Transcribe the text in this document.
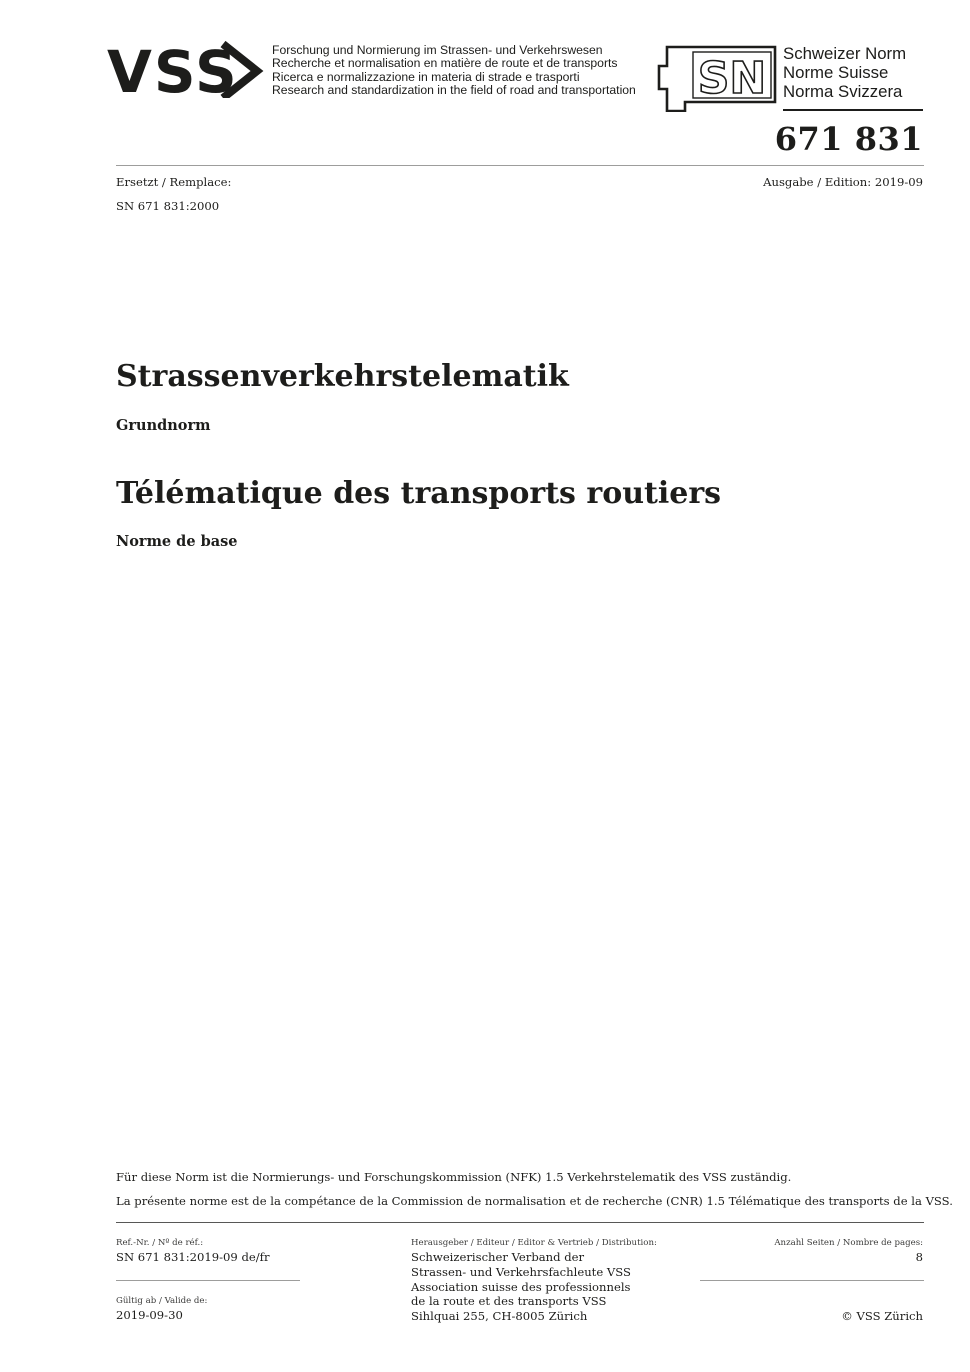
VSS	Forschung und Normierung im Strassen- und Verkehrswesen
Recherche et normalisation en matière de route et de transports
Ricerca e normalizzazione in materia di strade e trasporti
Research and standardization in the field of road and transportation SN Schweizer Norm
Norme Suisse
Norma Svizzera
671 831
Ersetzt / Remplace:
SN 671 831:2000
Ausgabe / Edition: 2019-09
Strassenverkehrstelematik
Grundnorm
Télématique des transports routiers
Norme de base
Für diese Norm ist die Normierungs- und Forschungskommission (NFK) 1.5 Verkehrstelematik des VSS zuständig.
La présente norme est de la compétance de la Commission de normalisation et de recherche (CNR) 1.5 Télématique des transports de la VSS.
Ref.-Nr. / Nº de réf.:
SN 671 831:2019-09 de/fr
Gültig ab / Valide de:
2019-09-30
Herausgeber / Editeur / Editor & Vertrieb / Distribution:
Schweizerischer Verband der
Strassen- und Verkehrsfachleute VSS
Association suisse des professionnels
de la route et des transports VSS
Sihlquai 255, CH-8005 Zürich
Anzahl Seiten / Nombre de pages:
8
© VSS Zürich
